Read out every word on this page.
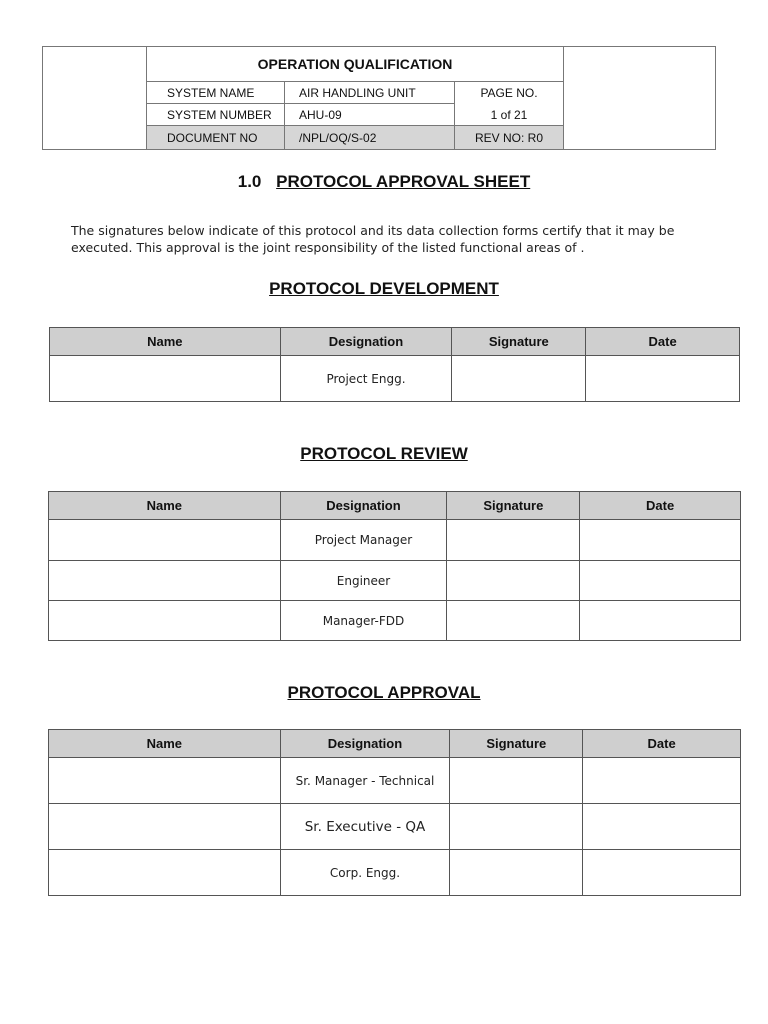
OPERATION QUALIFICATION
SYSTEM NAME	AIR HANDLING UNIT	PAGE NO.
SYSTEM NUMBER	AHU-09	1 of 21
DOCUMENT NO	/NPL/OQ/S-02	REV NO: R0
1.0 PROTOCOL APPROVAL SHEET

The signatures below indicate of this protocol and its data collection forms certify that it may be executed. This approval is the joint responsibility of the listed functional areas of .

PROTOCOL DEVELOPMENT
Name	Designation	Signature	Date
	Project Engg.		
PROTOCOL REVIEW
Name	Designation	Signature	Date
	Project Manager		
	Engineer		
	Manager-FDD		
PROTOCOL APPROVAL
Name	Designation	Signature	Date
	Sr. Manager - Technical		
	Sr. Executive - QA		
	Corp. Engg.		
